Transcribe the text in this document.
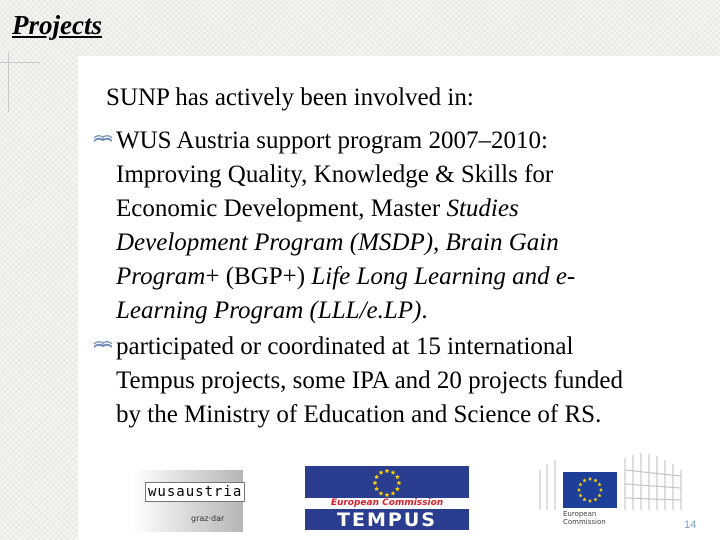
Projects

SUNP has actively been involved in:

WUS Austria support program 2007–2010:
Improving Quality, Knowledge & Skills for
Economic Development, Master Studies
Development Program (MSDP), Brain Gain
Program+ (BGP+) Life Long Learning and e-
Learning Program (LLL/e.LP).
participated or coordinated at 15 international
Tempus projects, some IPA and 20 projects funded
by the Ministry of Education and Science of RS.
wusaustria
graz·dar
European Commission
TEMPUS	European
Commission	14
